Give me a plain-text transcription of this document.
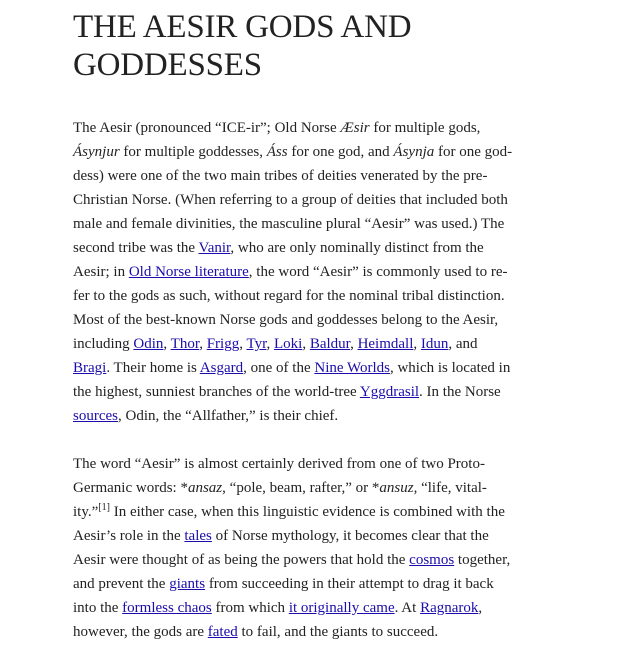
THE AESIR GODS AND GODDESSES

The Aesir (pronounced “ICE-ir”; Old Norse Æsir for multiple gods,
Ásynjur for multiple goddesses, Áss for one god, and Ásynja for one god-
dess) were one of the two main tribes of deities venerated by the pre-
Christian Norse. (When referring to a group of deities that included both
male and female divinities, the masculine plural “Aesir” was used.) The
second tribe was the Vanir, who are only nominally distinct from the
Aesir; in Old Norse literature, the word “Aesir” is commonly used to re-
fer to the gods as such, without regard for the nominal tribal distinction.
Most of the best-known Norse gods and goddesses belong to the Aesir,
including Odin, Thor, Frigg, Tyr, Loki, Baldur, Heimdall, Idun, and
Bragi. Their home is Asgard, one of the Nine Worlds, which is located in
the highest, sunniest branches of the world-tree Yggdrasil. In the Norse
sources, Odin, the “Allfather,” is their chief.

The word “Aesir” is almost certainly derived from one of two Proto-
Germanic words: *ansaz, “pole, beam, rafter,” or *ansuz, “life, vital-
ity.”[1] In either case, when this linguistic evidence is combined with the
Aesir’s role in the tales of Norse mythology, it becomes clear that the
Aesir were thought of as being the powers that hold the cosmos together,
and prevent the giants from succeeding in their attempt to drag it back
into the formless chaos from which it originally came. At Ragnarok,
however, the gods are fated to fail, and the giants to succeed.
